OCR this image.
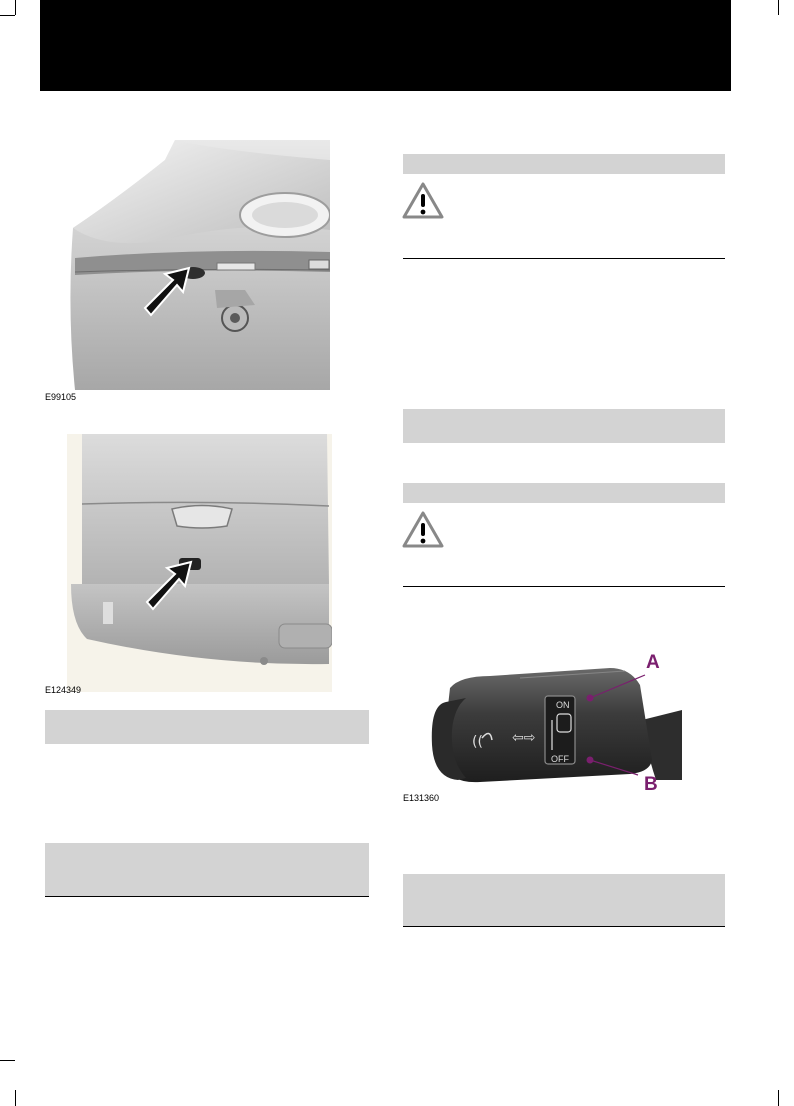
E99105
E124349
ON
OFF
⇦⇨
((
A
B
E131360
